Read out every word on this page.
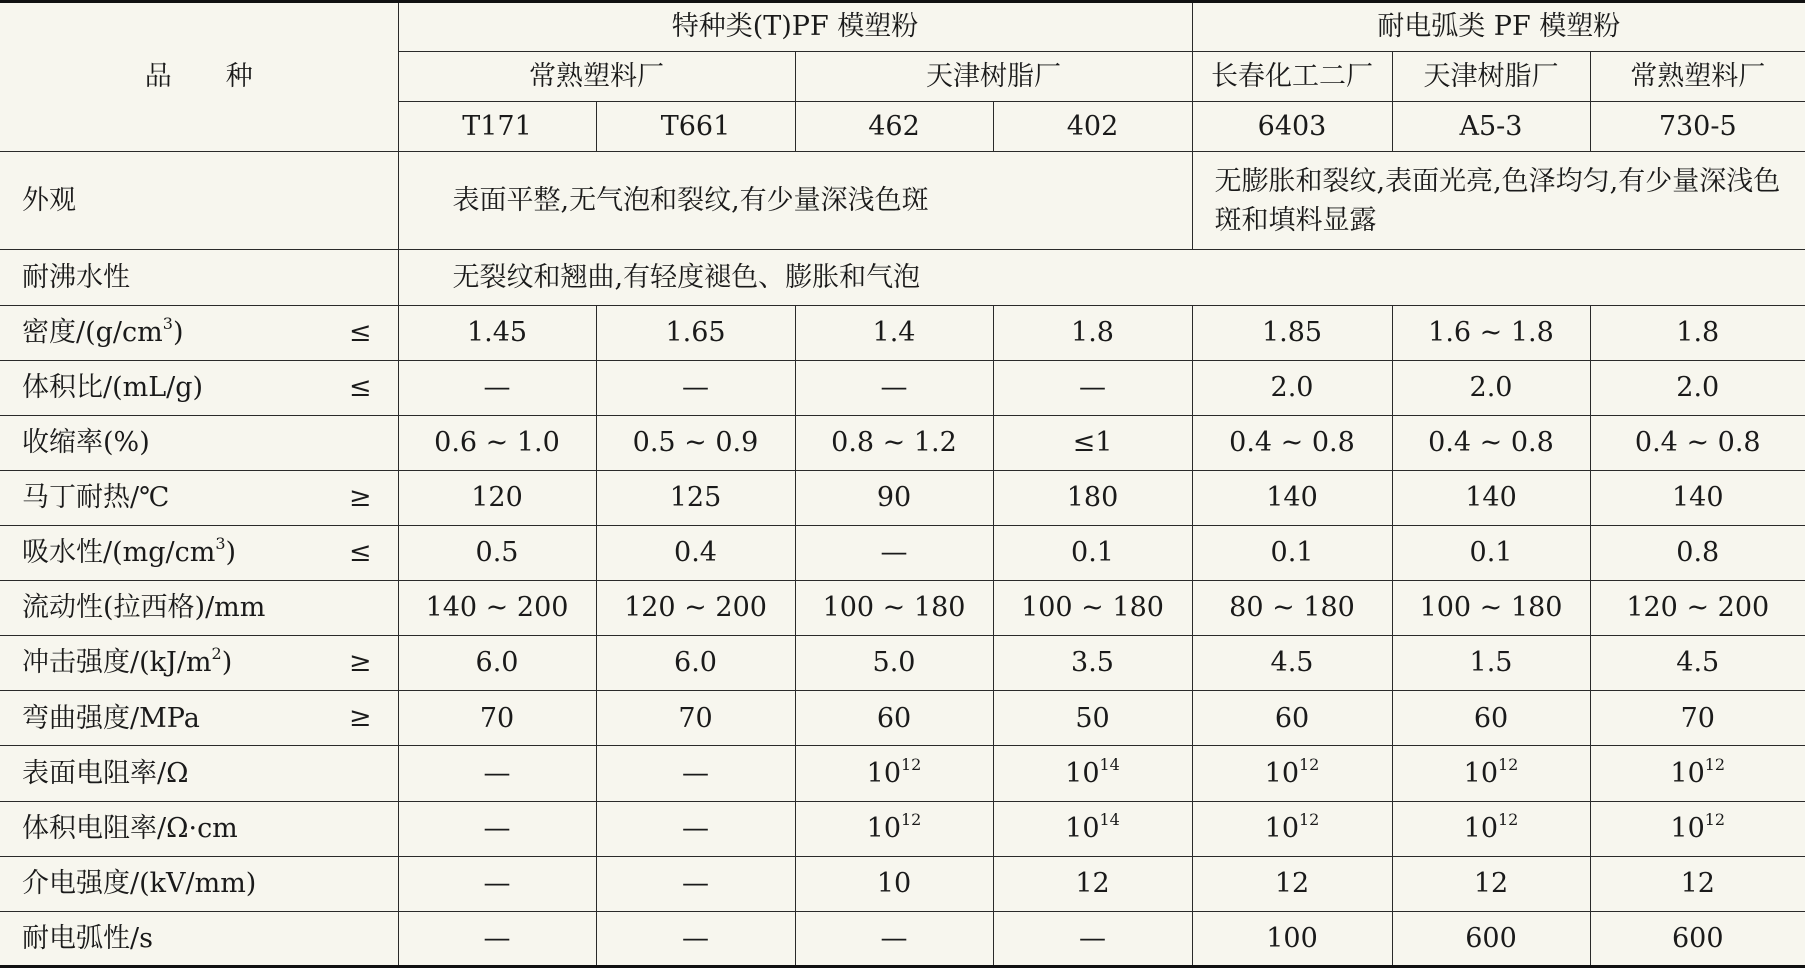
品　　种	特种类(T)PF 模塑粉				耐电弧类 PF 模塑粉		
	常熟塑料厂		天津树脂厂		长春化工二厂	天津树脂厂	常熟塑料厂
	T171	T661	462	402	6403	A5-3	730-5
外观	表面平整,无气泡和裂纹,有少量深浅色斑				无膨胀和裂纹,表面光亮,色泽均匀,有少量深浅色斑和填料显露		
耐沸水性	无裂纹和翘曲,有轻度褪色、膨胀和气泡						
密度$/(g/cm^3)$ ≤	1.45	1.65	1.4	1.8	1.85	1.6 ~ 1.8	1.8
体积比/(mL/g) ≤	—	—	—	—	2.0	2.0	2.0
收缩率(%)	0.6 ~ 1.0	0.5 ~ 0.9	0.8 ~ 1.2	≤1	0.4 ~ 0.8	0.4 ~ 0.8	0.4 ~ 0.8
马丁耐热/℃ ≥	120	125	90	180	140	140	140
吸水性$/(mg/cm^3)$ ≤	0.5	0.4	—	0.1	0.1	0.1	0.8
流动性(拉西格)/mm	140 ~ 200	120 ~ 200	100 ~ 180	100 ~ 180	80 ~ 180	100 ~ 180	120 ~ 200
冲击强度$/(kJ/m^2)$ ≥	6.0	6.0	5.0	3.5	4.5	1.5	4.5
弯曲强度/MPa ≥	70	70	60	50	60	60	70
表面电阻率/Ω	—	—	$10^{12}$	$10^{14}$	$10^{12}$	$10^{12}$	$10^{12}$
体积电阻率/Ω·cm	—	—	$10^{12}$	$10^{14}$	$10^{12}$	$10^{12}$	$10^{12}$
介电强度/(kV/mm)	—	—	10	12	12	12	12
耐电弧性/s	—	—	—	—	100	600	600
